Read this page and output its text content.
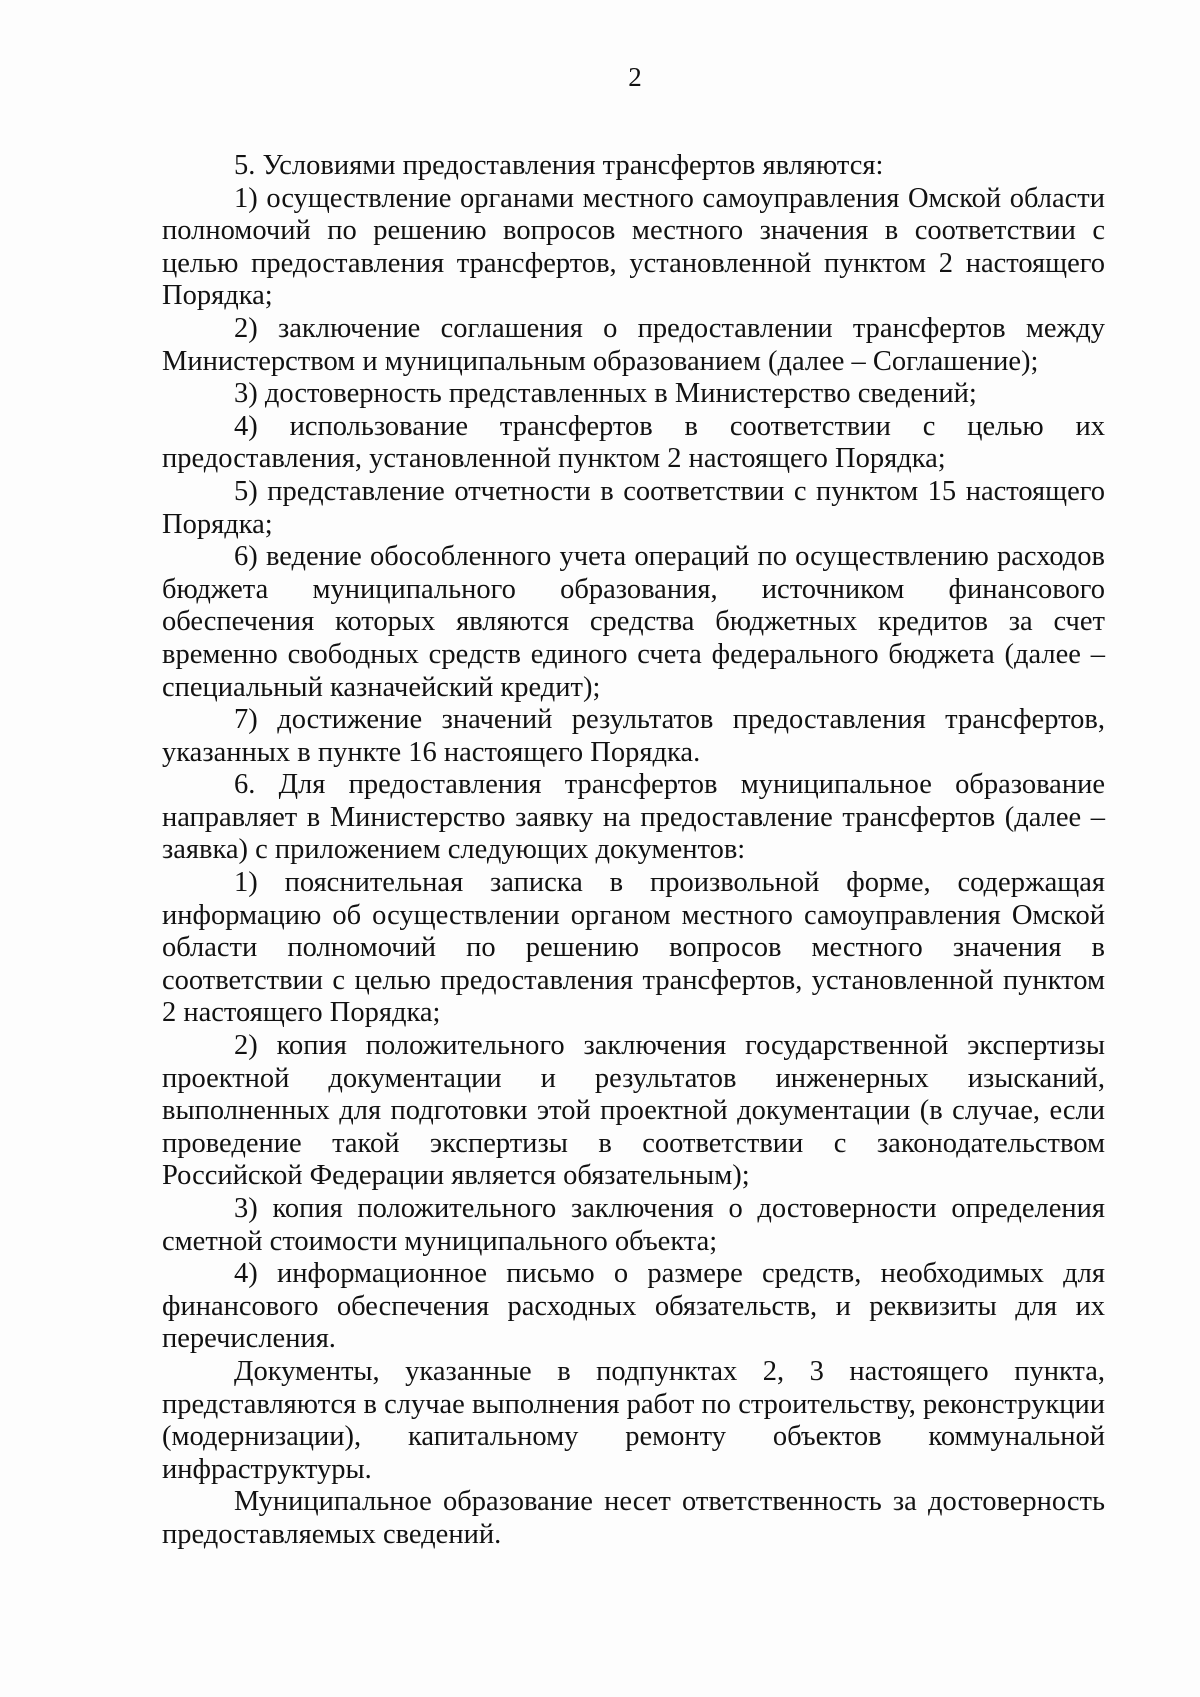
2

5. Условиями предоставления трансфертов являются:

1) осуществление органами местного самоуправления Омской области полномочий по решению вопросов местного значения в соответствии с целью предоставления трансфертов, установленной пунктом 2 настоящего Порядка;

2) заключение соглашения о предоставлении трансфертов между Министерством и муниципальным образованием (далее – Соглашение);

3) достоверность представленных в Министерство сведений;

4) использование трансфертов в соответствии с целью их предоставления, установленной пунктом 2 настоящего Порядка;

5) представление отчетности в соответствии с пунктом 15 настоящего Порядка;

6) ведение обособленного учета операций по осуществлению расходов бюджета муниципального образования, источником финансового обеспечения которых являются средства бюджетных кредитов за счет временно свободных средств единого счета федерального бюджета (далее – специальный казначейский кредит);

7) достижение значений результатов предоставления трансфертов, указанных в пункте 16 настоящего Порядка.

6. Для предоставления трансфертов муниципальное образование направляет в Министерство заявку на предоставление трансфертов (далее – заявка) с приложением следующих документов:

1) пояснительная записка в произвольной форме, содержащая информацию об осуществлении органом местного самоуправления Омской области полномочий по решению вопросов местного значения в соответствии с целью предоставления трансфертов, установленной пунктом 2 настоящего Порядка;

2) копия положительного заключения государственной экспертизы проектной документации и результатов инженерных изысканий, выполненных для подготовки этой проектной документации (в случае, если проведение такой экспертизы в соответствии с законодательством Российской Федерации является обязательным);

3) копия положительного заключения о достоверности определения сметной стоимости муниципального объекта;

4) информационное письмо о размере средств, необходимых для финансового обеспечения расходных обязательств, и реквизиты для их перечисления.

Документы, указанные в подпунктах 2, 3 настоящего пункта, представляются в случае выполнения работ по строительству, реконструкции (модернизации), капитальному ремонту объектов коммунальной инфраструктуры.

Муниципальное образование несет ответственность за достоверность предоставляемых сведений.
